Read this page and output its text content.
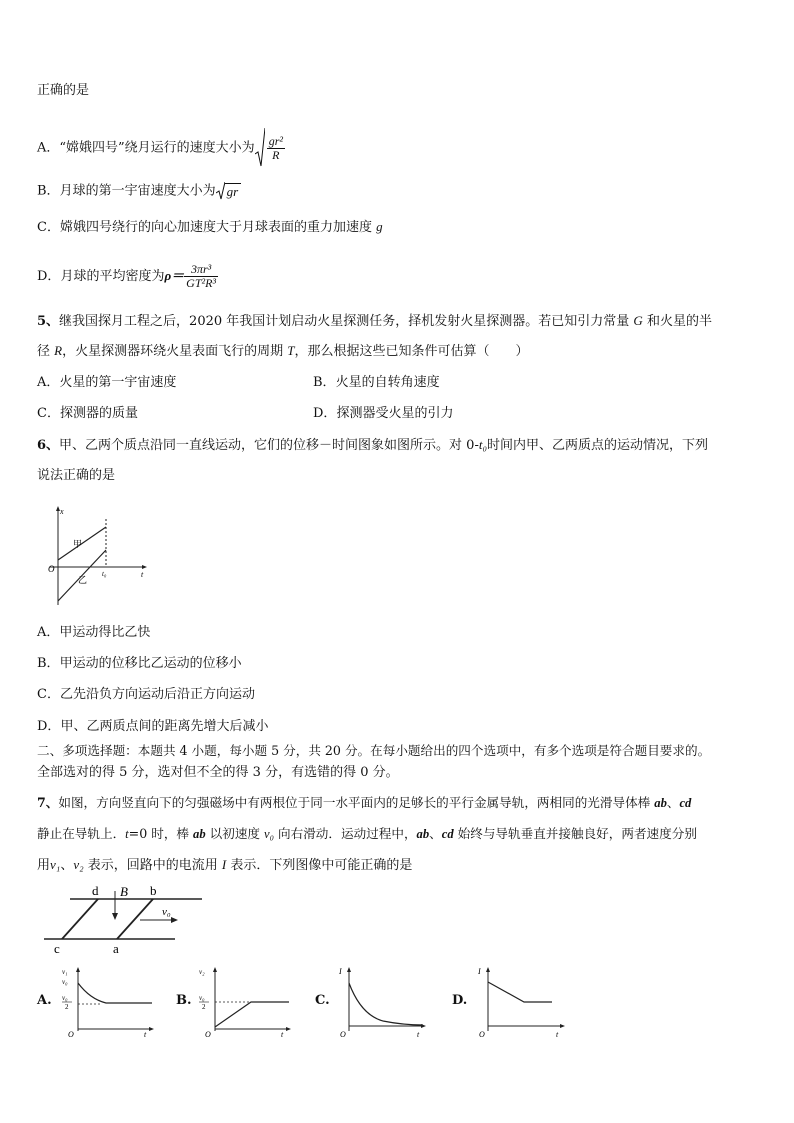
正确的是
A．“嫦娥四号”绕月运行的速度大小为 $\frac{\text{gr²}}{R}$
B．月球的第一宇宙速度大小为 gr
C．嫦娥四号绕行的向心加速度大于月球表面的重力加速度 g
D．月球的平均密度为$\rho= \frac{\text{3πr³}}{\text{GT²R³}}$
5、继我国探月工程之后，2020 年我国计划启动火星探测任务，择机发射火星探测器。若已知引力常量 G 和火星的半
径 R，火星探测器环绕火星表面飞行的周期 T，那么根据这些已知条件可估算（　　）
A．火星的第一宇宙速度	B．火星的自转角速度
C．探测器的质量	D．探测器受火星的引力
6、甲、乙两个质点沿同一直线运动，它们的位移－时间图象如图所示。对 0-t₀时间内甲、乙两质点的运动情况，下列
说法正确的是
x
O
t
t₀
甲
乙
A．甲运动得比乙快
B．甲运动的位移比乙运动的位移小
C．乙先沿负方向运动后沿正方向运动
D．甲、乙两质点间的距离先增大后减小
二、多项选择题：本题共 4 小题，每小题 5 分，共 20 分。在每小题给出的四个选项中，有多个选项是符合题目要求的。
全部选对的得 5 分，选对但不全的得 3 分，有选错的得 0 分。
7、如图，方向竖直向下的匀强磁场中有两根位于同一水平面内的足够长的平行金属导轨，两相同的光滑导体棒 ab、cd
静止在导轨上．t=0 时，棒 ab 以初速度 v₀ 向右滑动．运动过程中，ab、cd 始终与导轨垂直并接触良好，两者速度分别
用v₁、v₂ 表示，回路中的电流用 I 表示．下列图像中可能正确的是
d	b
c	a
B
v₀
A.
v₁
v₀
v₀
2
O	t
B.
v₂
v₀
2
O	t
C.
I
O	t
D.
I
O	t
